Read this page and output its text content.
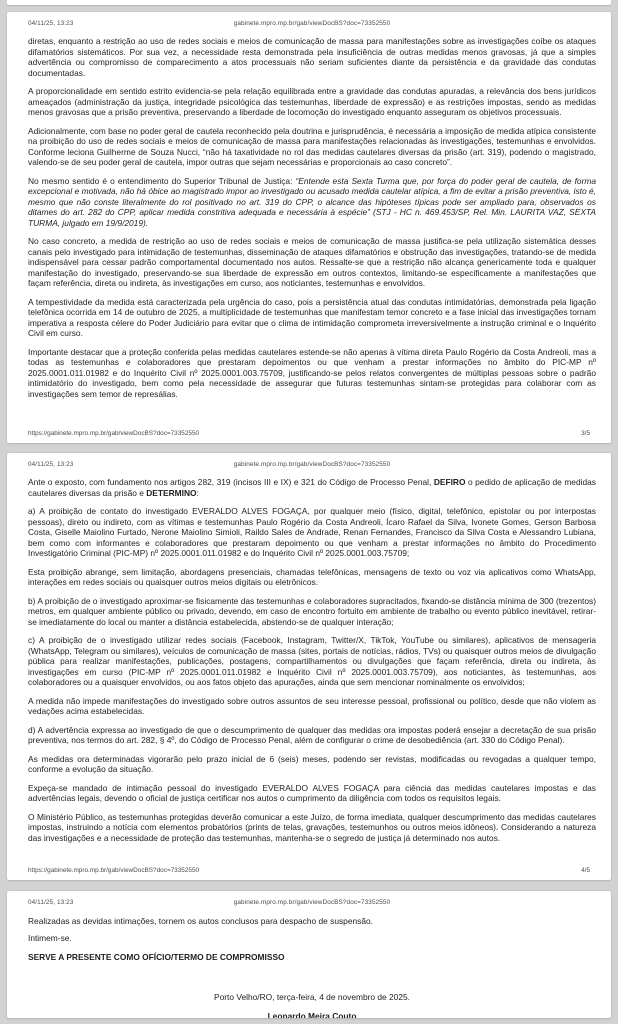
04/11/25, 13:23	gabinete.mpro.mp.br/gab/viewDocBS?doc=73352550

diretas, enquanto a restrição ao uso de redes sociais e meios de comunicação de massa para manifestações sobre as investigações coíbe os ataques difamatórios sistemáticos. Por sua vez, a necessidade resta demonstrada pela insuficiência de outras medidas menos gravosas, já que a simples advertência ou compromisso de comparecimento a atos processuais não seriam suficientes diante da persistência e da gravidade das condutas documentadas.

A proporcionalidade em sentido estrito evidencia-se pela relação equilibrada entre a gravidade das condutas apuradas, a relevância dos bens jurídicos ameaçados (administração da justiça, integridade psicológica das testemunhas, liberdade de expressão) e as restrições impostas, sendo as medidas menos gravosas que a prisão preventiva, preservando a liberdade de locomoção do investigado enquanto asseguram os objetivos processuais.

Adicionalmente, com base no poder geral de cautela reconhecido pela doutrina e jurisprudência, é necessária a imposição de medida atípica consistente na proibição do uso de redes sociais e meios de comunicação de massa para manifestações relacionadas às investigações, testemunhas e envolvidos. Conforme leciona Guilherme de Souza Nucci, “não há taxatividade no rol das medidas cautelares diversas da prisão (art. 319), podendo o magistrado, valendo-se de seu poder geral de cautela, impor outras que sejam necessárias e proporcionais ao caso concreto”.

No mesmo sentido é o entendimento do Superior Tribunal de Justiça: “Entende esta Sexta Turma que, por força do poder geral de cautela, de forma excepcional e motivada, não há óbice ao magistrado impor ao investigado ou acusado medida cautelar atípica, a fim de evitar a prisão preventiva, isto é, mesmo que não conste literalmente do rol positivado no art. 319 do CPP, o alcance das hipóteses típicas pode ser ampliado para, observados os ditames do art. 282 do CPP, aplicar medida constritiva adequada e necessária à espécie” (STJ - HC n. 469.453/SP, Rel. Min. LAURITA VAZ, SEXTA TURMA, julgado em 19/9/2019).

No caso concreto, a medida de restrição ao uso de redes sociais e meios de comunicação de massa justifica-se pela utilização sistemática desses canais pelo investigado para intimidação de testemunhas, disseminação de ataques difamatórios e obstrução das investigações, tratando-se de medida indispensável para cessar padrão comportamental documentado nos autos. Ressalte-se que a restrição não alcança genericamente toda e qualquer manifestação do investigado, preservando-se sua liberdade de expressão em outros contextos, limitando-se especificamente a manifestações que façam referência, direta ou indireta, às investigações em curso, aos noticiantes, testemunhas e envolvidos.

A tempestividade da medida está caracterizada pela urgência do caso, pois a persistência atual das condutas intimidatórias, demonstrada pela ligação telefônica ocorrida em 14 de outubro de 2025, a multiplicidade de testemunhas que manifestam temor concreto e a fase inicial das investigações tornam imperativa a resposta célere do Poder Judiciário para evitar que o clima de intimidação comprometa irreversivelmente a instrução criminal e o Inquérito Civil em curso.

Importante destacar que a proteção conferida pelas medidas cautelares estende-se não apenas à vítima direta Paulo Rogério da Costa Andreoli, mas a todas as testemunhas e colaboradores que prestaram depoimentos ou que venham a prestar informações no âmbito do PIC-MP nº 2025.0001.011.01982 e do Inquérito Civil nº 2025.0001.003.75709, justificando-se pelos relatos convergentes de múltiplas pessoas sobre o padrão intimidatório do investigado, bem como pela necessidade de assegurar que futuras testemunhas sintam-se protegidas para colaborar com as investigações sem temor de represálias.

https://gabinete.mpro.mp.br/gab/viewDocBS?doc=73352550	3/5
04/11/25, 13:23	gabinete.mpro.mp.br/gab/viewDocBS?doc=73352550

Ante o exposto, com fundamento nos artigos 282, 319 (incisos III e IX) e 321 do Código de Processo Penal, DEFIRO o pedido de aplicação de medidas cautelares diversas da prisão e DETERMINO:

a) A proibição de contato do investigado EVERALDO ALVES FOGAÇA, por qualquer meio (físico, digital, telefônico, epistolar ou por interpostas pessoas), direto ou indireto, com as vítimas e testemunhas Paulo Rogério da Costa Andreoli, Ícaro Rafael da Silva, Ivonete Gomes, Gerson Barbosa Costa, Giselle Maiolino Furtado, Nerone Maiolino Simioli, Raildo Sales de Andrade, Renan Fernandes, Francisco da Silva Costa e Alessandro Lubiana, bem como com informantes e colaboradores que prestaram depoimento ou que venham a prestar informações no âmbito do Procedimento Investigatório Criminal (PIC-MP) nº 2025.0001.011.01982 e do Inquérito Civil nº 2025.0001.003.75709;

Esta proibição abrange, sem limitação, abordagens presenciais, chamadas telefônicas, mensagens de texto ou voz via aplicativos como WhatsApp, interações em redes sociais ou quaisquer outros meios digitais ou eletrônicos.

b) A proibição de o investigado aproximar-se fisicamente das testemunhas e colaboradores supracitados, fixando-se distância mínima de 300 (trezentos) metros, em qualquer ambiente público ou privado, devendo, em caso de encontro fortuito em ambiente de trabalho ou evento público inevitável, retirar-se imediatamente do local ou manter a distância estabelecida, abstendo-se de qualquer interação;

c) A proibição de o investigado utilizar redes sociais (Facebook, Instagram, Twitter/X, TikTok, YouTube ou similares), aplicativos de mensageria (WhatsApp, Telegram ou similares), veículos de comunicação de massa (sites, portais de notícias, rádios, TVs) ou quaisquer outros meios de divulgação pública para realizar manifestações, publicações, postagens, compartilhamentos ou divulgações que façam referência, direta ou indireta, às investigações em curso (PIC-MP nº 2025.0001.011.01982 e Inquérito Civil nº 2025.0001.003.75709), aos noticiantes, às testemunhas, aos colaboradores ou a quaisquer envolvidos, ou aos fatos objeto das apurações, ainda que sem mencionar nominalmente os envolvidos;

A medida não impede manifestações do investigado sobre outros assuntos de seu interesse pessoal, profissional ou político, desde que não violem as vedações acima estabelecidas.

d) A advertência expressa ao investigado de que o descumprimento de qualquer das medidas ora impostas poderá ensejar a decretação de sua prisão preventiva, nos termos do art. 282, § 4º, do Código de Processo Penal, além de configurar o crime de desobediência (art. 330 do Código Penal).

As medidas ora determinadas vigorarão pelo prazo inicial de 6 (seis) meses, podendo ser revistas, modificadas ou revogadas a qualquer tempo, conforme a evolução da situação.

Expeça-se mandado de intimação pessoal do investigado EVERALDO ALVES FOGAÇA para ciência das medidas cautelares impostas e das advertências legais, devendo o oficial de justiça certificar nos autos o cumprimento da diligência com todos os requisitos legais.

O Ministério Público, as testemunhas protegidas deverão comunicar a este Juízo, de forma imediata, qualquer descumprimento das medidas cautelares impostas, instruindo a notícia com elementos probatórios (prints de telas, gravações, testemunhos ou outros meios idôneos). Considerando a natureza das investigações e a necessidade de proteção das testemunhas, mantenha-se o segredo de justiça já determinado nos autos.

https://gabinete.mpro.mp.br/gab/viewDocBS?doc=73352550	4/5
04/11/25, 13:23	gabinete.mpro.mp.br/gab/viewDocBS?doc=73352550

Realizadas as devidas intimações, tornem os autos conclusos para despacho de suspensão.

Intimem-se.

SERVE A PRESENTE COMO OFÍCIO/TERMO DE COMPROMISSO

Porto Velho/RO, terça-feira, 4 de novembro de 2025.

Leonardo Meira Couto
